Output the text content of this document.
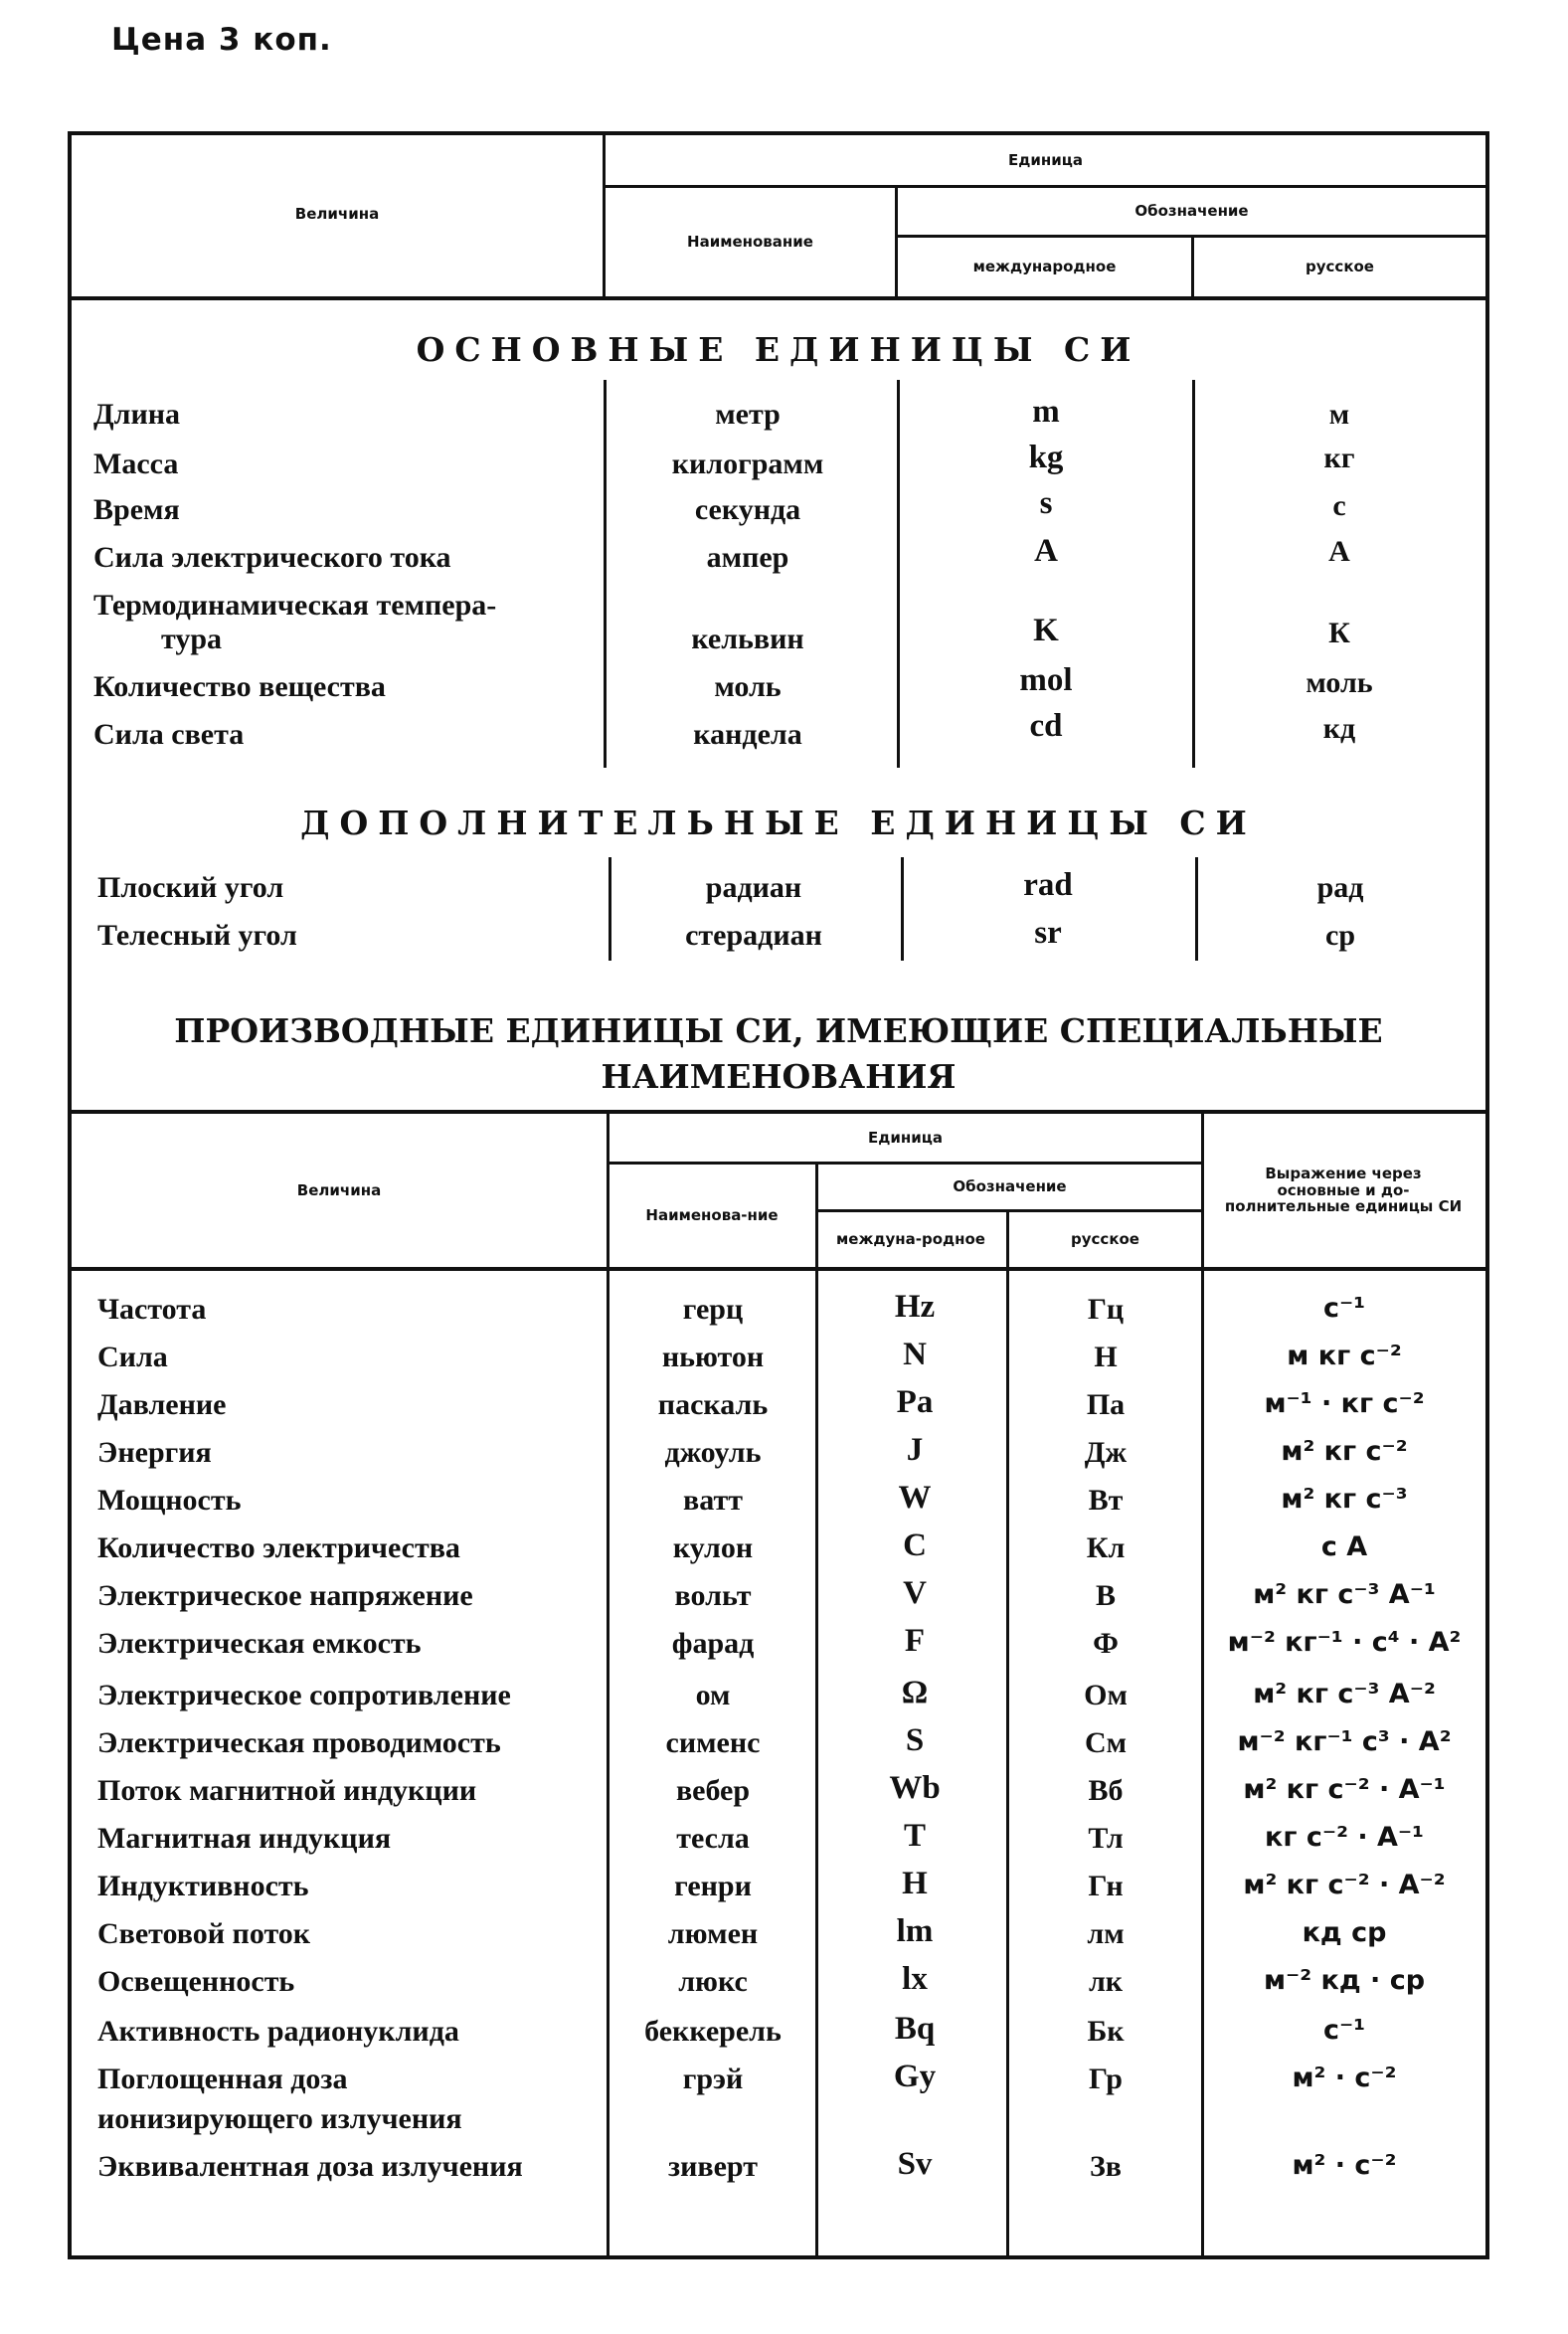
Цена 3 коп.
Величина
Единица
Наименование
Обозначение
международное	русское
ОСНОВНЫЕ ЕДИНИЦЫ СИ
Длина	метр	m	м
Масса	килограмм	kg	кг
Время	секунда	s	с
Сила электрического тока	ампер	A	A
Термодинамическая темпера-
тура	кельвин	K	К
Количество вещества	моль	mol	моль
Сила света	кандела	cd	кд
ДОПОЛНИТЕЛЬНЫЕ ЕДИНИЦЫ СИ
Плоский угол	радиан	rad	рад
Телесный угол	стерадиан	sr	ср
ПРОИЗВОДНЫЕ ЕДИНИЦЫ СИ, ИМЕЮЩИЕ СПЕЦИАЛЬНЫЕ
НАИМЕНОВАНИЯ
Величина
Единица
Наименова-ние
Обозначение
междуна-родное	русское
Выражение через основные и до-полнительные единицы СИ
Частота	герц	Hz	Гц	с⁻¹
Сила	ньютон	N	Н	м кг с⁻²
Давление	паскаль	Pa	Па	м⁻¹ · кг с⁻²
Энергия	джоуль	J	Дж	м² кг с⁻²
Мощность	ватт	W	Вт	м² кг с⁻³
Количество электричества	кулон	C	Кл	с А
Электрическое напряжение	вольт	V	В	м² кг с⁻³ А⁻¹
Электрическая емкость	фарад	F	Ф	м⁻² кг⁻¹ · с⁴ · А²
Электрическое сопротивление	ом	Ω	Ом	м² кг с⁻³ А⁻²
Электрическая проводимость	сименс	S	См	м⁻² кг⁻¹ с³ · А²
Поток магнитной индукции	вебер	Wb	Вб	м² кг с⁻² · А⁻¹
Магнитная индукция	тесла	T	Тл	кг с⁻² · А⁻¹
Индуктивность	генри	H	Гн	м² кг с⁻² · А⁻²
Световой поток	люмен	lm	лм	кд ср
Освещенность	люкс	lx	лк	м⁻² кд · ср
Активность радионуклида	беккерель	Bq	Бк	с⁻¹
Поглощенная доза	грэй	Gy	Гр	м² · с⁻²
ионизирующего излучения
Эквивалентная доза излучения	зиверт	Sv	Зв	м² · с⁻²
